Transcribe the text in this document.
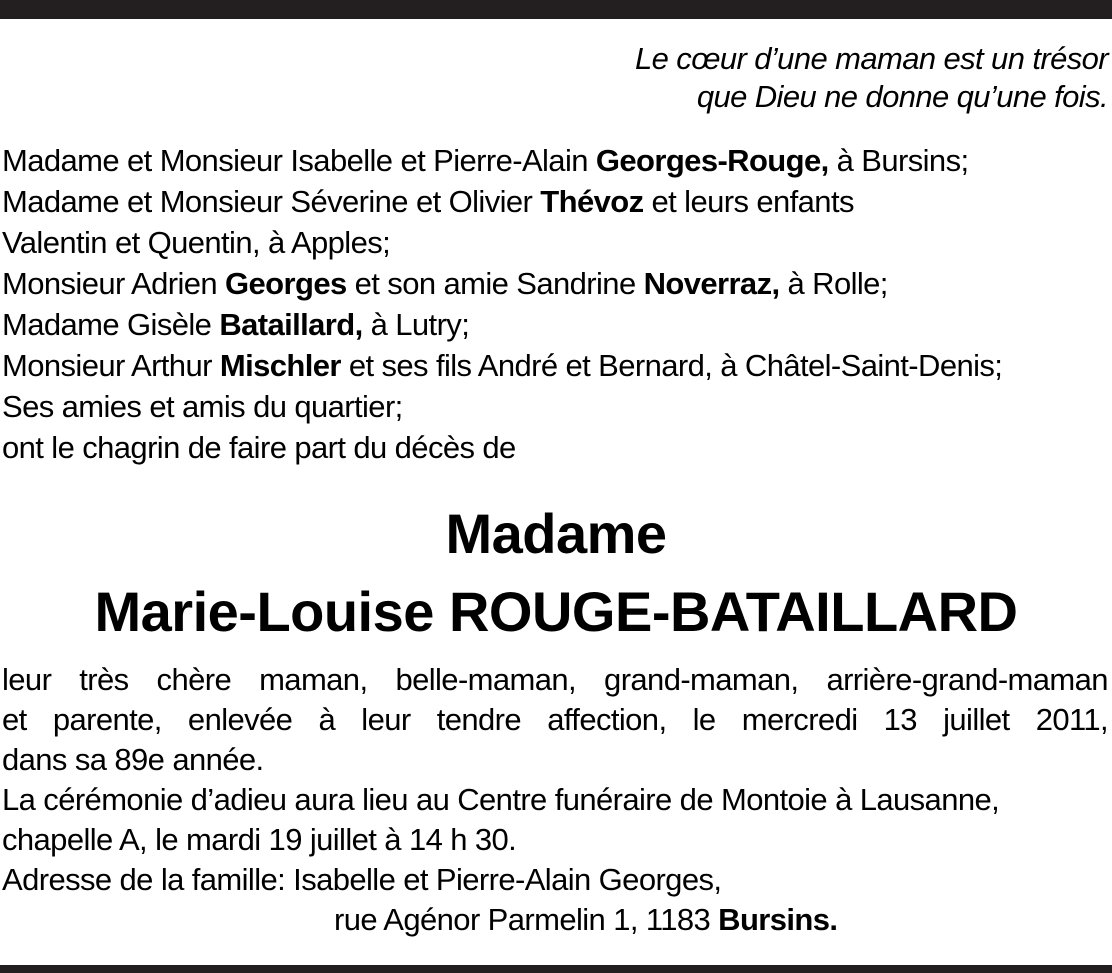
Le cœur d’une maman est un trésor
que Dieu ne donne qu’une fois.
Madame et Monsieur Isabelle et Pierre-Alain Georges-Rouge, à Bursins;
Madame et Monsieur Séverine et Olivier Thévoz et leurs enfants
Valentin et Quentin, à Apples;
Monsieur Adrien Georges et son amie Sandrine Noverraz, à Rolle;
Madame Gisèle Bataillard, à Lutry;
Monsieur Arthur Mischler et ses fils André et Bernard, à Châtel-Saint-Denis;
Ses amies et amis du quartier;
ont le chagrin de faire part du décès de
Madame
Marie-Louise ROUGE-BATAILLARD
leur très chère maman, belle-maman, grand-maman, arrière-grand-maman
et parente, enlevée à leur tendre affection, le mercredi 13 juillet 2011,
dans sa 89e année.
La cérémonie d’adieu aura lieu au Centre funéraire de Montoie à Lausanne,
chapelle A, le mardi 19 juillet à 14 h 30.
Adresse de la famille: Isabelle et Pierre-Alain Georges,
rue Agénor Parmelin 1, 1183 Bursins.
